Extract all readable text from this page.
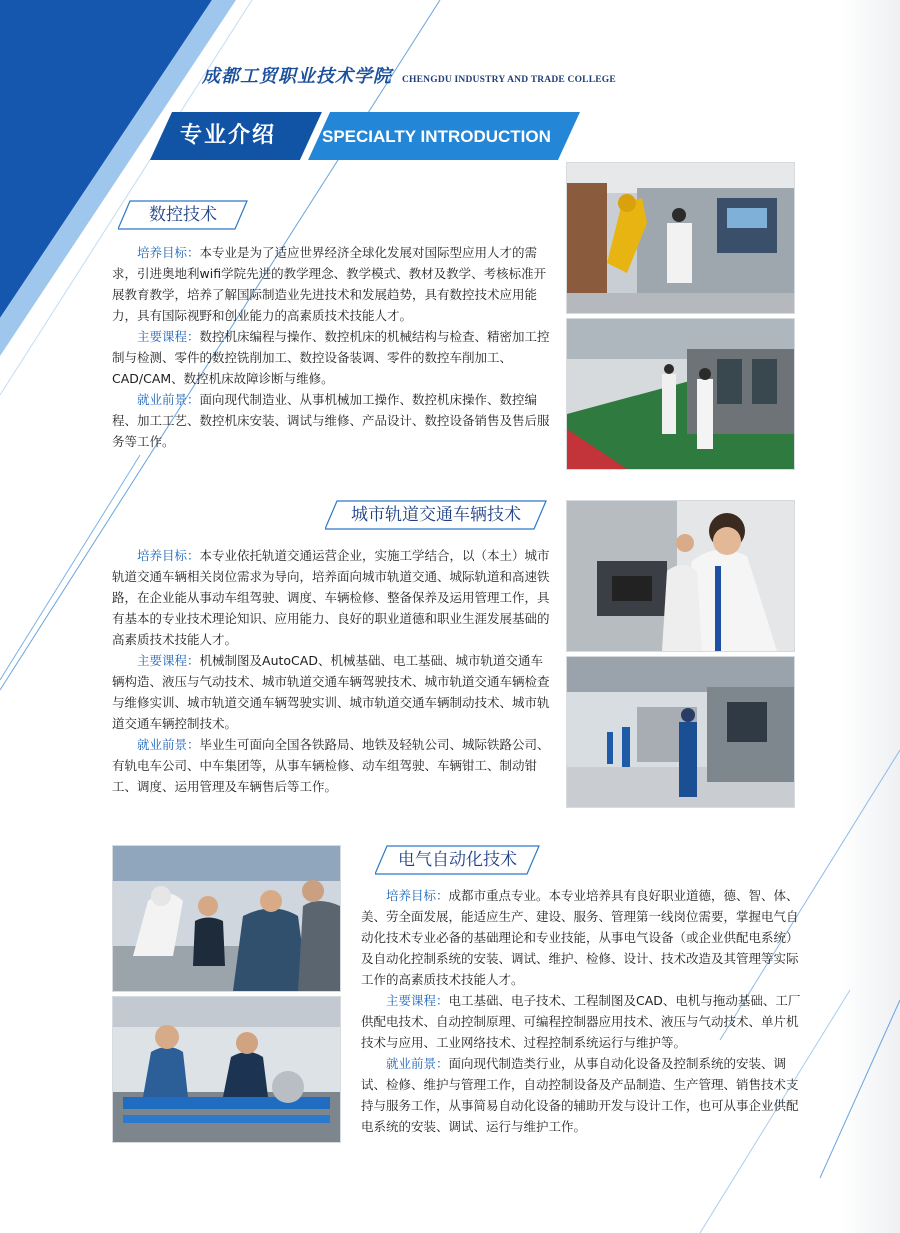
成都工贸职业技术学院 CHENGDU INDUSTRY AND TRADE COLLEGE
专业介绍	SPECIALTY INTRODUCTION
数控技术

培养目标：本专业是为了适应世界经济全球化发展对国际型应用人才的需求，引进奥地利wifi学院先进的教学理念、教学模式、教材及教学、考核标准开展教育教学，培养了解国际制造业先进技术和发展趋势，具有数控技术应用能力，具有国际视野和创业能力的高素质技术技能人才。

主要课程：数控机床编程与操作、数控机床的机械结构与检查、精密加工控制与检测、零件的数控铣削加工、数控设备装调、零件的数控车削加工、CAD/CAM、数控机床故障诊断与维修。

就业前景：面向现代制造业、从事机械加工操作、数控机床操作、数控编程、加工工艺、数控机床安装、调试与维修、产品设计、数控设备销售及售后服务等工作。

城市轨道交通车辆技术

培养目标：本专业依托轨道交通运营企业，实施工学结合，以（本土）城市轨道交通车辆相关岗位需求为导向，培养面向城市轨道交通、城际轨道和高速铁路，在企业能从事动车组驾驶、调度、车辆检修、整备保养及运用管理工作，具有基本的专业技术理论知识、应用能力、良好的职业道德和职业生涯发展基础的高素质技术技能人才。

主要课程：机械制图及AutoCAD、机械基础、电工基础、城市轨道交通车辆构造、液压与气动技术、城市轨道交通车辆驾驶技术、城市轨道交通车辆检查与维修实训、城市轨道交通车辆驾驶实训、城市轨道交通车辆制动技术、城市轨道交通车辆控制技术。

就业前景：毕业生可面向全国各铁路局、地铁及轻轨公司、城际铁路公司、有轨电车公司、中车集团等，从事车辆检修、动车组驾驶、车辆钳工、制动钳工、调度、运用管理及车辆售后等工作。

电气自动化技术

培养目标：成都市重点专业。本专业培养具有良好职业道德，德、智、体、美、劳全面发展，能适应生产、建设、服务、管理第一线岗位需要，掌握电气自动化技术专业必备的基础理论和专业技能，从事电气设备（或企业供配电系统）及自动化控制系统的安装、调试、维护、检修、设计、技术改造及其管理等实际工作的高素质技术技能人才。

主要课程：电工基础、电子技术、工程制图及CAD、电机与拖动基础、工厂供配电技术、自动控制原理、可编程控制器应用技术、液压与气动技术、单片机技术与应用、工业网络技术、过程控制系统运行与维护等。

就业前景：面向现代制造类行业，从事自动化设备及控制系统的安装、调试、检修、维护与管理工作，自动控制设备及产品制造、生产管理、销售技术支持与服务工作，从事简易自动化设备的辅助开发与设计工作，也可从事企业供配电系统的安装、调试、运行与维护工作。
